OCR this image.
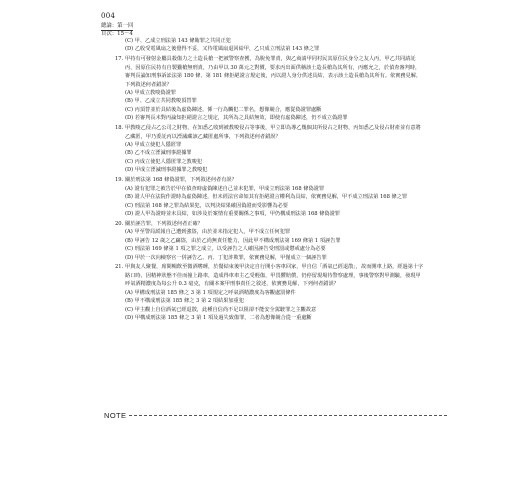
004
總論：第一回
頁次：15－4
(C) 甲、乙成立刑法第 143 條賄罪之共同正犯
(D) 乙收受電風扇之後覺得不妥，又待電風扇退回給甲，乙只成立刑法第 143 條之罪
17. 甲持有可發射金屬具殺傷力之土造長槍一把被警察查獲，為脫免罪責，與乙商請甲同村民其原住民身分之友人丙，甲乙共同請託丙，因原住民持有自製獵槍無刑責，乃由甲以 30 萬元之對價，要求丙出面供稱該土造長槍為其所有，丙應允之，於偵查審判時，審判長論知刑事訴訟法第 180 條、第 181 條拒絕證言規定後，丙以證人身分供述具結，表示該土造長槍為其所有。依實務見解，下列敘述何者錯誤？
(A) 甲成立教唆偽證罪
(B) 甲、乙成立共同教唆頂替罪
(C) 丙頂替並於具結後為虛偽陳述，係一行為觸犯二罪名，想像競合，應從偽證罪處斷
(D) 若審判長未對丙論知拒絕證言之規定，其所為之具結無效，即使有虛偽陳述，仍不成立偽證罪
18. 甲教唆乙侵占乙公司之財物，在知悉乙收到被教唆侵占等事後，甲立即為導乙幾個其所侵占之財物，丙知悉乙及侵占財產並有意將乙藏匿，甲乃委託丙以湮滅藏該乙藏匿處所事，下列敘述何者錯誤？
(A) 甲成立使犯人隱匿罪
(B) 乙不成立湮滅刑事證據罪
(C) 丙成立使犯人隱匿罪之教唆犯
(D) 甲成立湮滅刑事證據罪之教唆犯
19. 關於刑法第 168 條偽證罪，下列敘述何者有誤？
(A) 證有犯罪之被告於甲在偵查時虛偽陳述自己並未犯罪，甲成立刑法第 168 條偽證罪
(B) 證人甲在法院作證時為虛偽陳述，但未經法官命如其有拒絕證言權利為具結，依實務見解，甲不成立刑法第 168 條之罪
(C) 刑法第 168 條之罪為結果犯，以判決結果確因偽證而受影響為必要
(D) 證人甲為證時並未具結，如涉及於案情有重要關係之事項，甲仍構成刑法第 168 條偽證罪
20. 關於誣告罪，下列敘述何者正確？
(A) 甲至警局謊報自己遭到強盜，由於並未指定犯人，甲不成立任何犯罪
(B) 甲誣告 12 歲之乙竊盜，由於乙尚無責任能力，因此甲不構成刑法第 169 條第 1 項誣告罪
(C) 刑法第 169 條第 1 項之罪之成立，以受誣告之人確因誣告受刑罰或懲戒處分為必要
(D) 甲於一次向檢察官一併誣告乙、丙、丁犯詐欺罪，依實務見解，甲僅成立一個誣告罪
21. 甲與友人聚餐，席間暢飲至微酒嗜睡，於餐結束後甲決定自行開小客車回家，甲自信「酒氣已經退散」，故而開車上路，經過第十字路口時，因精神狀態不佳而撞上路車，造成得車車主乙受輕傷，甲畏懼賠償，仍停留現場待警察處理，事後警察對甲測驗，發現甲呼氣酒精濃度為每公升 0.3 毫克，有關本案甲刑事責任之敘述，依實務見解，下列何者錯誤？
(A) 甲構成刑法第 185 條之 3 第 1 項規定之呼氣酒精濃度為客觀處罰條件
(B) 甲不構成刑法第 185 條之 3 第 2 項結果加重犯
(C) 甲主觀上自信酒氣已經退散，此種自信尚不足以阻卻不能安全駕駛罪之主觀故意
(D) 甲構成刑法第 185 條之 3 第 1 項及過失致傷罪，二者為想像競合從一重處斷
NOTE
